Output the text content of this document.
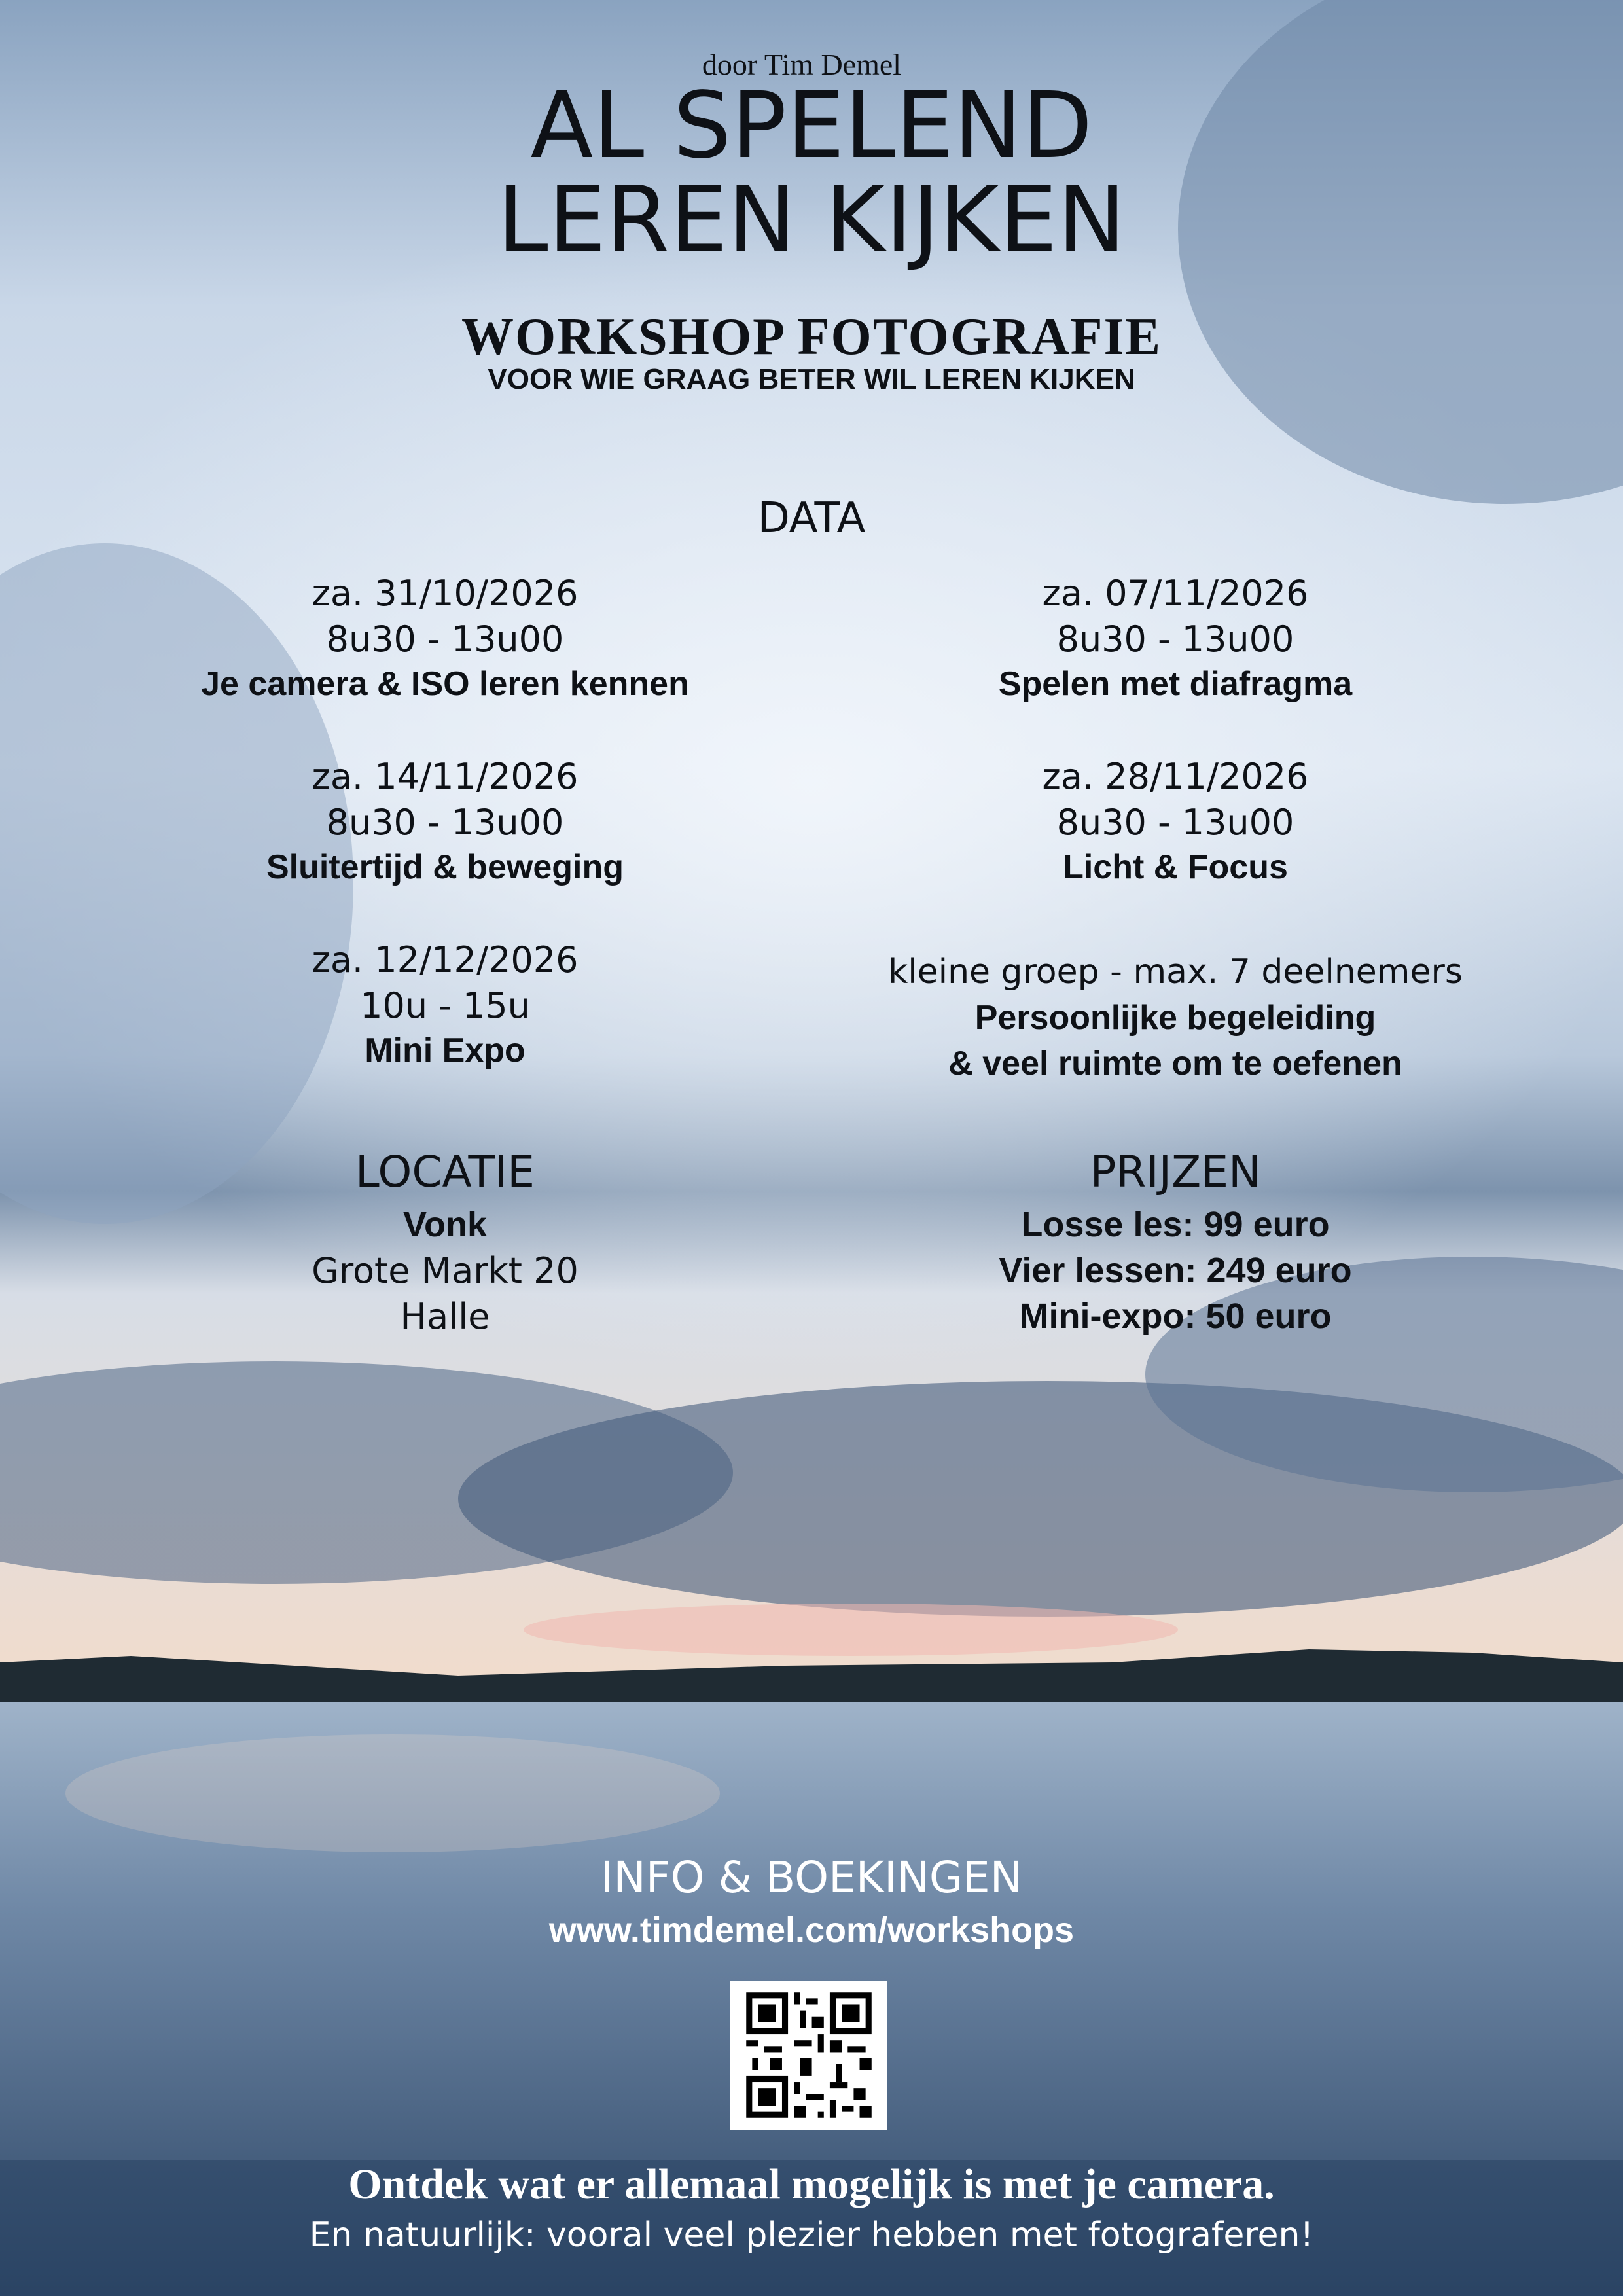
door Tim Demel
AL SPELEND
LEREN KIJKEN
WORKSHOP FOTOGRAFIE
VOOR WIE GRAAG BETER WIL LEREN KIJKEN
DATA
za. 31/10/2026
8u30 - 13u00
Je camera & ISO leren kennen
za. 07/11/2026
8u30 - 13u00
Spelen met diafragma
za. 14/11/2026
8u30 - 13u00
Sluitertijd & beweging
za. 28/11/2026
8u30 - 13u00
Licht & Focus
za. 12/12/2026
10u - 15u
Mini Expo
kleine groep - max. 7 deelnemers
Persoonlijke begeleiding
& veel ruimte om te oefenen
LOCATIE
Vonk
Grote Markt 20
Halle
PRIJZEN
Losse les: 99 euro
Vier lessen: 249 euro
Mini-expo: 50 euro
INFO & BOEKINGEN
www.timdemel.com/workshops
Ontdek wat er allemaal mogelijk is met je camera.
En natuurlijk: vooral veel plezier hebben met fotograferen!
